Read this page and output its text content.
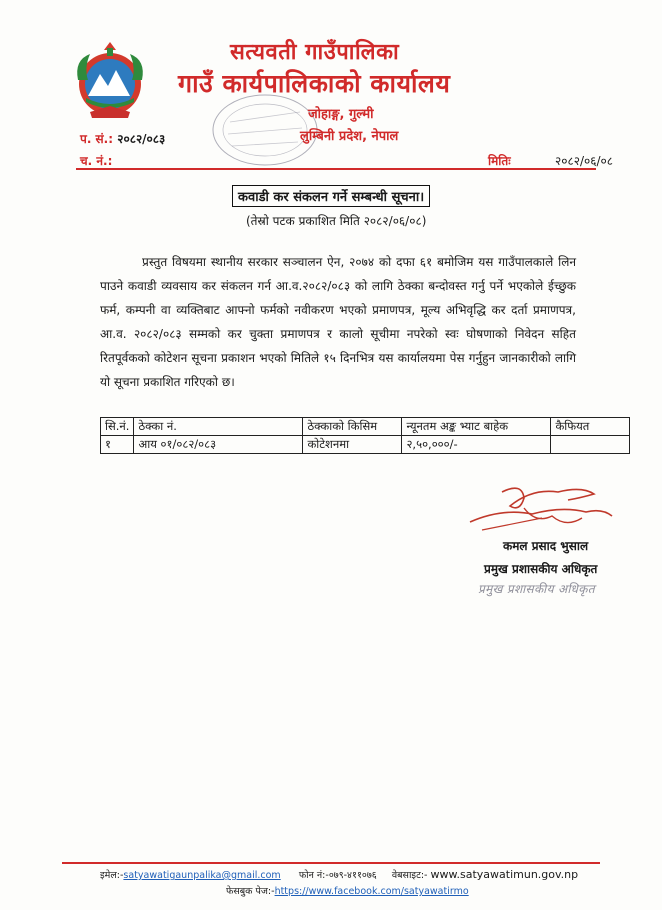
सत्यवती गाउँपालिका
गाउँ कार्यपालिकाको कार्यालय
जोहाङ्ग, गुल्मी
लुम्बिनी प्रदेश, नेपाल
प. सं.: २०८२/०८३
च. नं.:	मितिः	२०८२/०६/०८
कवाडी कर संकलन गर्ने सम्बन्धी सूचना।
(तेस्रो पटक प्रकाशित मिति २०८२/०६/०८)
प्रस्तुत विषयमा स्थानीय सरकार सञ्चालन ऐन, २०७४ को दफा ६१ बमोजिम यस गाउँपालकाले लिन पाउने कवाडी व्यवसाय कर संकलन गर्न आ.व.२०८२/०८३ को लागि ठेक्का बन्दोवस्त गर्नु पर्ने भएकोले ईच्छुक फर्म, कम्पनी वा व्यक्तिबाट आफ्नो फर्मको नवीकरण भएको प्रमाणपत्र, मूल्य अभिवृद्धि कर दर्ता प्रमाणपत्र, आ.व. २०८२/०८३ सम्मको कर चुक्ता प्रमाणपत्र र कालो सूचीमा नपरेको स्वः घोषणाको निवेदन सहित रितपूर्वकको कोटेशन सूचना प्रकाशन भएको मितिले १५ दिनभित्र यस कार्यालयमा पेस गर्नुहुन जानकारीको लागि यो सूचना प्रकाशित गरिएको छ।
सि.नं.	ठेक्का नं.	ठेक्काको किसिम	न्यूनतम अङ्क भ्याट बाहेक	कैफियत
१	आय ०१/०८२/०८३	कोटेशनमा	२,५०,०००/-	
कमल प्रसाद भुसाल
प्रमुख प्रशासकीय अधिकृत
प्रमुख प्रशासकीय अधिकृत
इमेल:-satyawatigaunpalika@gmail.com फोन नं:-०७९-४११०७६ वेबसाइट:- www.satyawatimun.gov.np
फेसबुक पेज:-https://www.facebook.com/satyawatirmo
